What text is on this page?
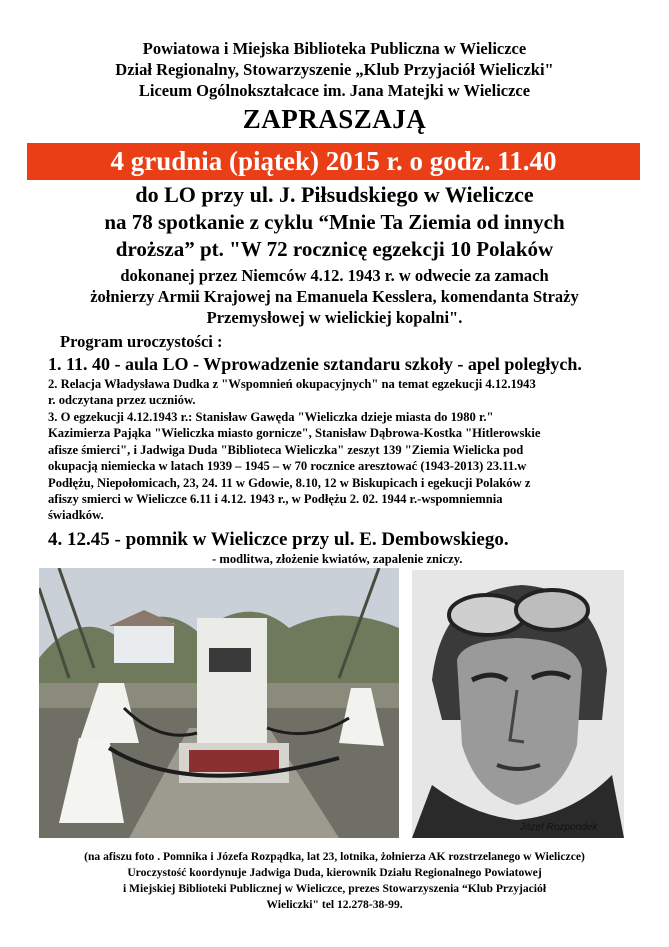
Powiatowa i Miejska Biblioteka Publiczna w Wieliczce
Dział Regionalny, Stowarzyszenie „Klub Przyjaciół Wieliczki"
Liceum Ogólnokształcace im. Jana Matejki w Wieliczce
ZAPRASZAJĄ
4 grudnia (piątek) 2015 r. o godz. 11.40
do LO przy ul. J. Piłsudskiego w Wieliczce
na 78 spotkanie z cyklu “Mnie Ta Ziemia od innych
droższa” pt. "W 72 rocznicę egzekcji 10 Polaków
dokonanej przez Niemców 4.12. 1943 r. w odwecie za zamach
żołnierzy Armii Krajowej na Emanuela Kesslera, komendanta Straży
Przemysłowej w wielickiej kopalni".
Program uroczystości :
1. 11. 40 - aula LO - Wprowadzenie sztandaru szkoły - apel poległych.
2. Relacja Władysława Dudka z "Wspomnień okupacyjnych" na temat egzekucji 4.12.1943
r. odczytana przez uczniów.
3. O egzekucji 4.12.1943 r.: Stanisław Gawęda "Wieliczka dzieje miasta do 1980 r."
Kazimierza Pająka "Wieliczka miasto gornicze", Stanisław Dąbrowa-Kostka "Hitlerowskie
afisze śmierci", i Jadwiga Duda "Biblioteca Wieliczka" zeszyt 139 "Ziemia Wielicka pod
okupacją niemiecka w latach 1939 – 1945 – w 70 rocznice aresztować (1943-2013) 23.11.w
Podłężu, Niepołomicach, 23, 24. 11 w Gdowie, 8.10, 12 w Biskupicach i egekucji Polaków z
afiszy smierci w Wieliczce 6.11 i 4.12. 1943 r., w Podłężu 2. 02. 1944 r.-wspomniemnia
świadków.
4. 12.45 - pomnik w Wieliczce przy ul. E. Dembowskiego.
- modlitwa, złożenie kwiatów, zapalenie zniczy.
Józef Rozpondek
(na afiszu foto . Pomnika i Józefa Rozpądka, lat 23, lotnika, żołnierza AK rozstrzelanego w Wieliczce)
Uroczystość koordynuje Jadwiga Duda, kierownik Działu Regionalnego Powiatowej
i Miejskiej Biblioteki Publicznej w Wieliczce, prezes Stowarzyszenia “Klub Przyjaciół
Wieliczki" tel 12.278-38-99.
